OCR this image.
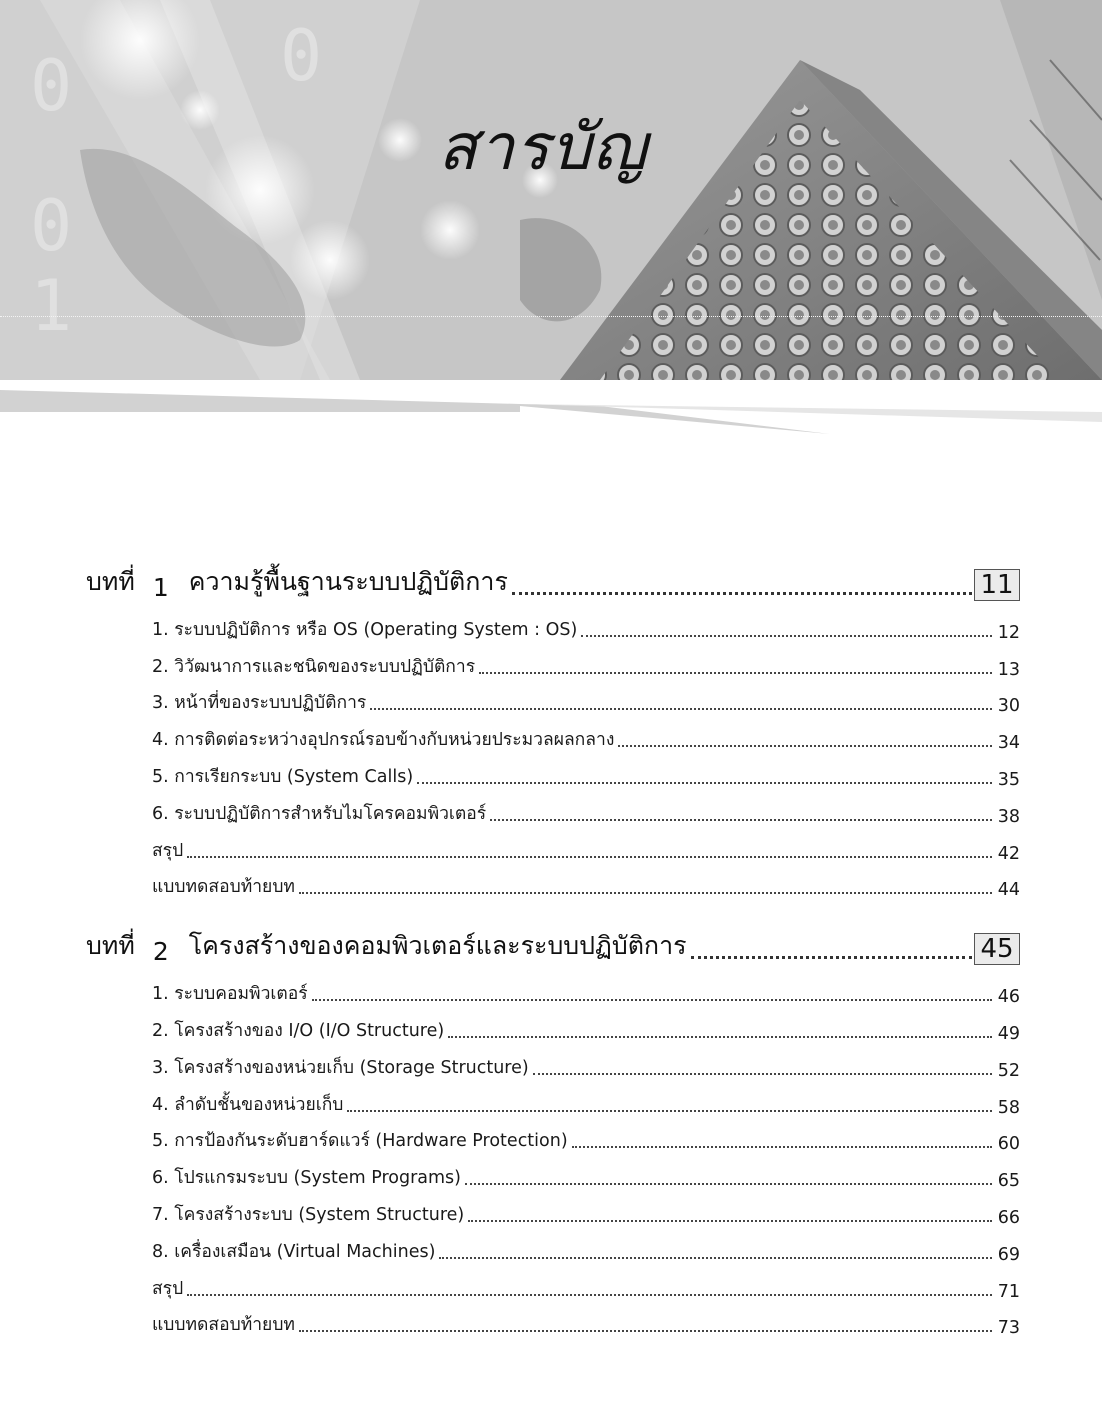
0
0
0
1
สารบัญ
บทที่ 1 ความรู้พื้นฐานระบบปฏิบัติการ	11
1. ระบบปฏิบัติการ หรือ OS (Operating System : OS)	12
2. วิวัฒนาการและชนิดของระบบปฏิบัติการ	13
3. หน้าที่ของระบบปฏิบัติการ	30
4. การติดต่อระหว่างอุปกรณ์รอบข้างกับหน่วยประมวลผลกลาง	34
5. การเรียกระบบ (System Calls)	35
6. ระบบปฏิบัติการสำหรับไมโครคอมพิวเตอร์	38
สรุป	42
แบบทดสอบท้ายบท	44
บทที่ 2 โครงสร้างของคอมพิวเตอร์และระบบปฏิบัติการ	45
1. ระบบคอมพิวเตอร์	46
2. โครงสร้างของ I/O (I/O Structure)	49
3. โครงสร้างของหน่วยเก็บ (Storage Structure)	52
4. ลำดับชั้นของหน่วยเก็บ	58
5. การป้องกันระดับฮาร์ดแวร์ (Hardware Protection)	60
6. โปรแกรมระบบ (System Programs)	65
7. โครงสร้างระบบ (System Structure)	66
8. เครื่องเสมือน (Virtual Machines)	69
สรุป	71
แบบทดสอบท้ายบท	73
